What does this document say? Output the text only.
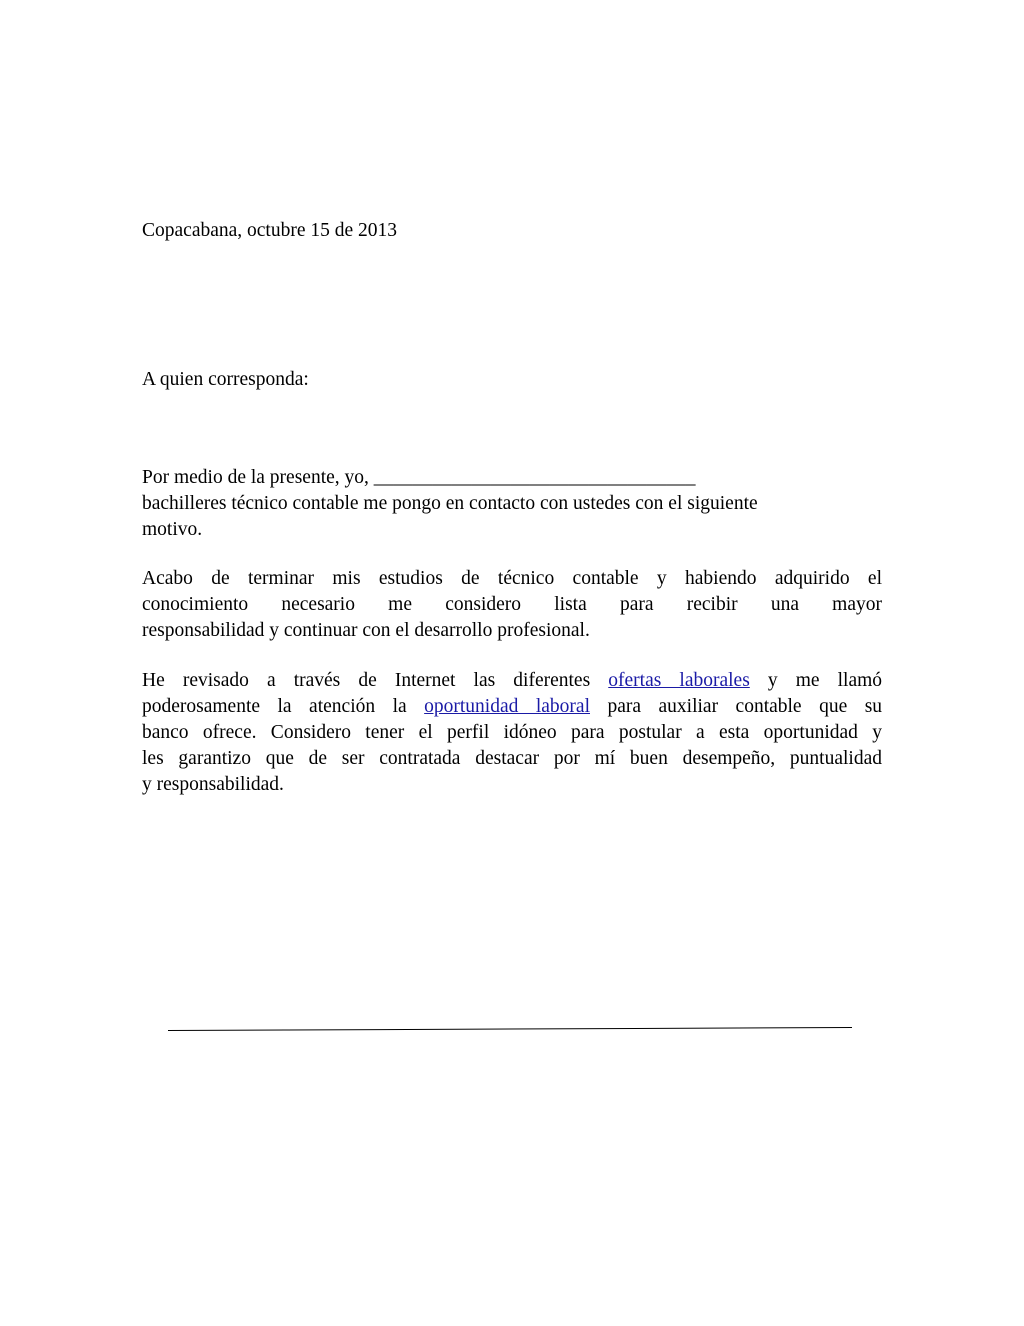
Copacabana, octubre 15 de 2013
A quien corresponda:
Por medio de la presente, yo, _________________________________
bachilleres técnico contable me pongo en contacto con ustedes con el siguiente
motivo.
Acabo de terminar mis estudios de técnico contable y habiendo adquirido el
conocimiento necesario me considero lista para recibir una mayor
responsabilidad y continuar con el desarrollo profesional.
He revisado a través de Internet las diferentes ofertas laborales y me llamó
poderosamente la atención la oportunidad laboral para auxiliar contable que su
banco ofrece. Considero tener el perfil idóneo para postular a esta oportunidad y
les garantizo que de ser contratada destacar por mí buen desempeño, puntualidad
y responsabilidad.
